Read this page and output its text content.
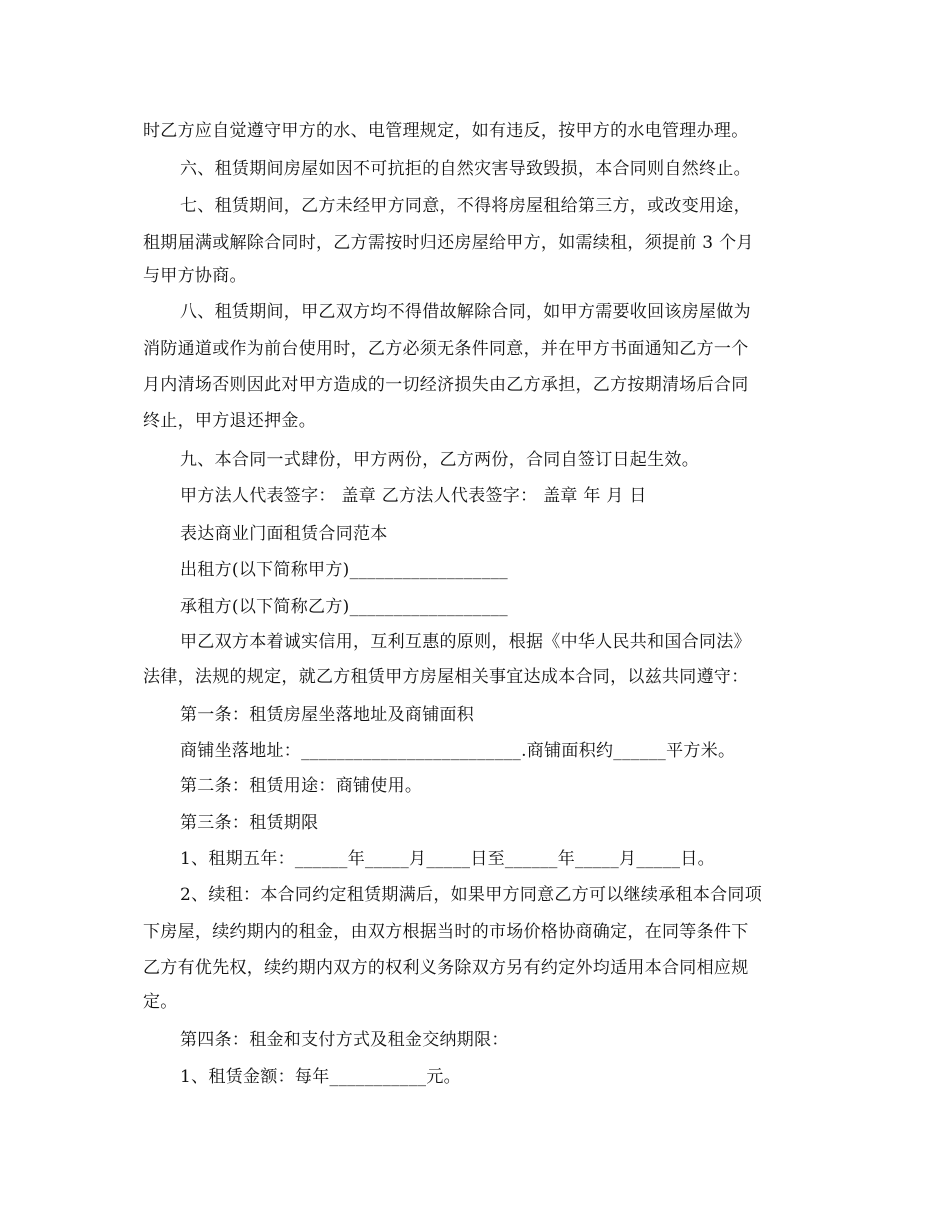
时乙方应自觉遵守甲方的水、电管理规定，如有违反，按甲方的水电管理办理。
六、租赁期间房屋如因不可抗拒的自然灾害导致毁损，本合同则自然终止。
七、租赁期间，乙方未经甲方同意，不得将房屋租给第三方，或改变用途，
租期届满或解除合同时，乙方需按时归还房屋给甲方，如需续租，须提前 3 个月
与甲方协商。
八、租赁期间，甲乙双方均不得借故解除合同，如甲方需要收回该房屋做为
消防通道或作为前台使用时，乙方必须无条件同意，并在甲方书面通知乙方一个
月内清场否则因此对甲方造成的一切经济损失由乙方承担，乙方按期清场后合同
终止，甲方退还押金。
九、本合同一式肆份，甲方两份，乙方两份，合同自签订日起生效。
甲方法人代表签字： 盖章 乙方法人代表签字： 盖章 年 月 日
表达商业门面租赁合同范本
出租方(以下简称甲方)__________________
承租方(以下简称乙方)__________________
甲乙双方本着诚实信用，互利互惠的原则，根据《中华人民共和国合同法》
法律，法规的规定，就乙方租赁甲方房屋相关事宜达成本合同，以兹共同遵守：
第一条：租赁房屋坐落地址及商铺面积
商铺坐落地址：_________________________.商铺面积约______平方米。
第二条：租赁用途：商铺使用。
第三条：租赁期限
1、租期五年：______年_____月_____日至______年_____月_____日。
2、续租：本合同约定租赁期满后，如果甲方同意乙方可以继续承租本合同项
下房屋，续约期内的租金，由双方根据当时的市场价格协商确定，在同等条件下
乙方有优先权，续约期内双方的权利义务除双方另有约定外均适用本合同相应规
定。
第四条：租金和支付方式及租金交纳期限：
1、租赁金额：每年___________元。
